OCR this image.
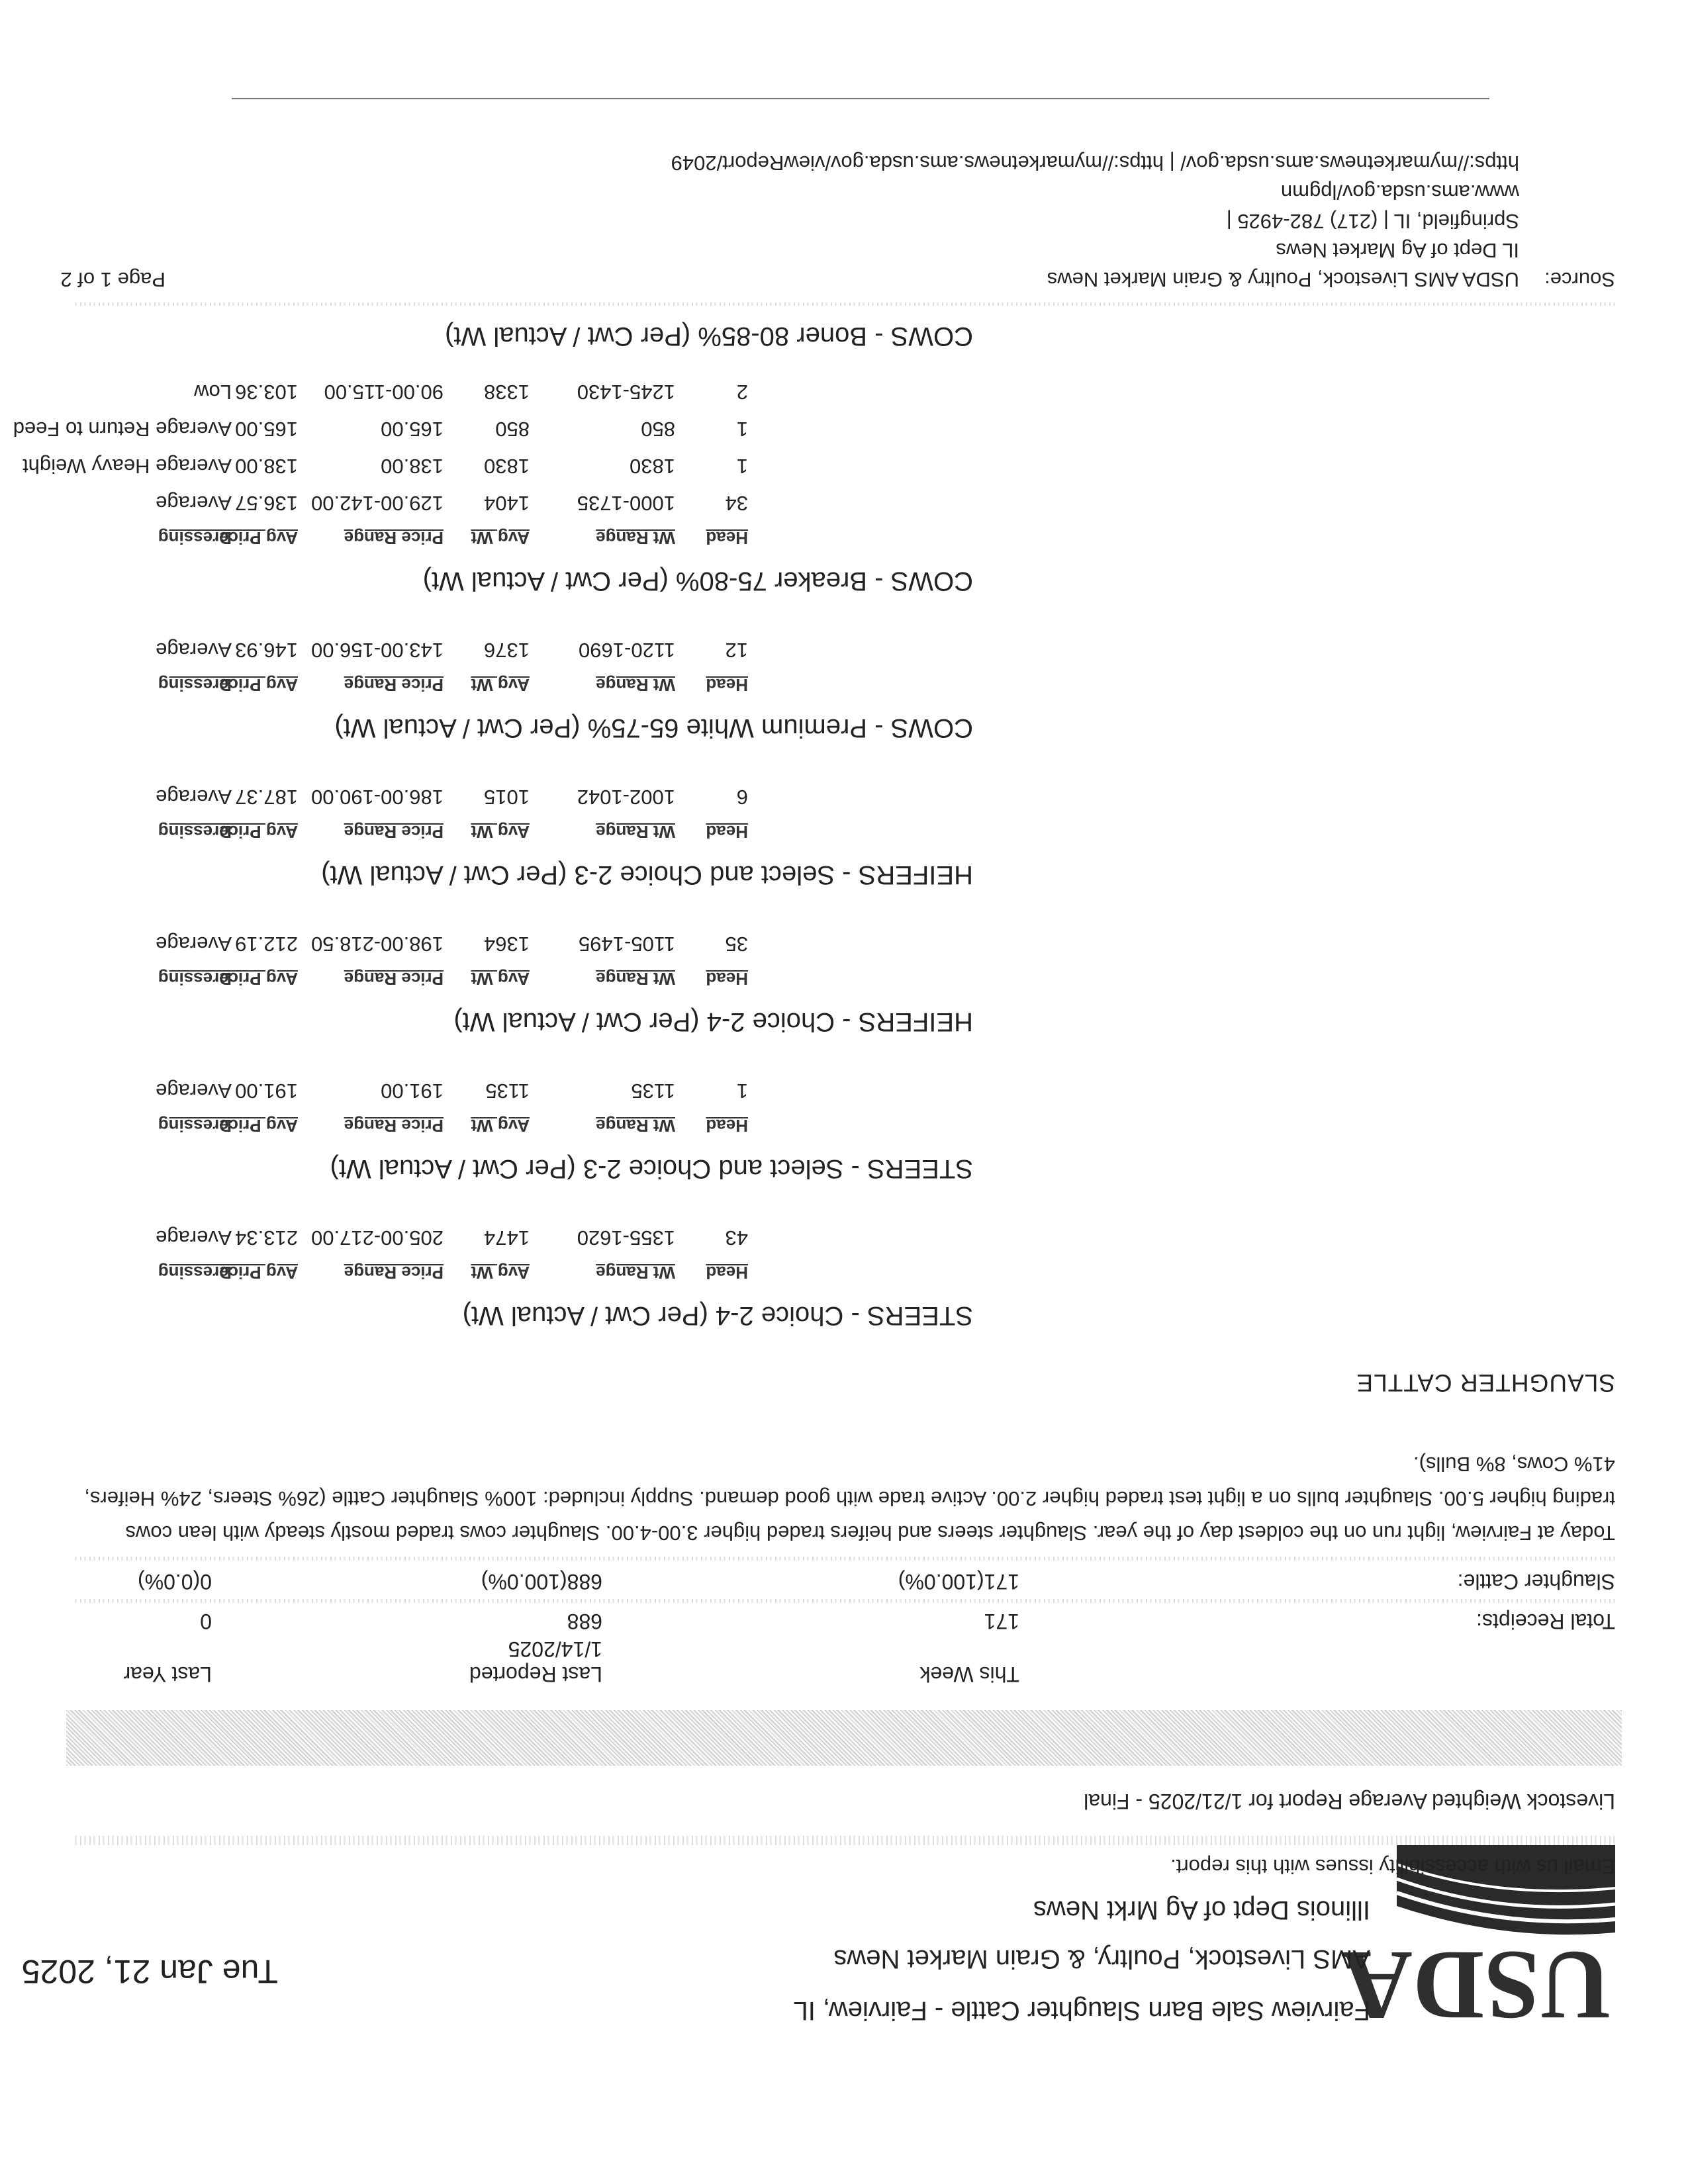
USDA
Fairview Sale Barn Slaughter Cattle - Fairview, IL
AMS Livestock, Poultry, & Grain Market News
Illinois Dept of Ag Mrkt News
Tue Jan 21, 2025
Email us with accessibility issues with this report.
Livestock Weighted Average Report for 1/21/2025 - Final
This Week
Last Reported
1/14/2025
Last Year
Total Receipts:
171
688
0
Slaughter Cattle:
171(100.0%)
688(100.0%)
0(0.0%)
Today at Fairview, light run on the coldest day of the year. Slaughter steers and heifers traded higher 3.00-4.00. Slaughter cows traded mostly steady with lean cows trading higher 5.00. Slaughter bulls on a light test traded higher 2.00. Active trade with good demand. Supply included: 100% Slaughter Cattle (26% Steers, 24% Heifers, 41% Cows, 8% Bulls).
SLAUGHTER CATTLE
STEERS - Choice 2-4 (Per Cwt / Actual Wt)
Head
Wt Range
Avg Wt
Price Range
Avg Price
Dressing
43
1355-1620
1474
205.00-217.00
213.34
Average
STEERS - Select and Choice 2-3 (Per Cwt / Actual Wt)
Head
Wt Range
Avg Wt
Price Range
Avg Price
Dressing
1
1135
1135
191.00
191.00
Average
HEIFERS - Choice 2-4 (Per Cwt / Actual Wt)
Head
Wt Range
Avg Wt
Price Range
Avg Price
Dressing
35
1105-1495
1364
198.00-218.50
212.19
Average
HEIFERS - Select and Choice 2-3 (Per Cwt / Actual Wt)
Head
Wt Range
Avg Wt
Price Range
Avg Price
Dressing
6
1002-1042
1015
186.00-190.00
187.37
Average
COWS - Premium White 65-75% (Per Cwt / Actual Wt)
Head
Wt Range
Avg Wt
Price Range
Avg Price
Dressing
12
1120-1690
1376
143.00-156.00
146.93
Average
COWS - Breaker 75-80% (Per Cwt / Actual Wt)
Head
Wt Range
Avg Wt
Price Range
Avg Price
Dressing
34
1000-1735
1404
129.00-142.00
136.57
Average
1
1830
1830
138.00
138.00
Average Heavy Weight
1
850
850
165.00
165.00
Average Return to Feed
2
1245-1430
1338
90.00-115.00
103.36
Low
COWS - Boner 80-85% (Per Cwt / Actual Wt)
Source:
USDA AMS Livestock, Poultry & Grain Market News
IL Dept of Ag Market News
Springfield, IL | (217) 782-4925 |
www.ams.usda.gov/lpgmn
https://mymarketnews.ams.usda.gov/ | https://mymarketnews.ams.usda.gov/viewReport/2049
Page 1 of 2
